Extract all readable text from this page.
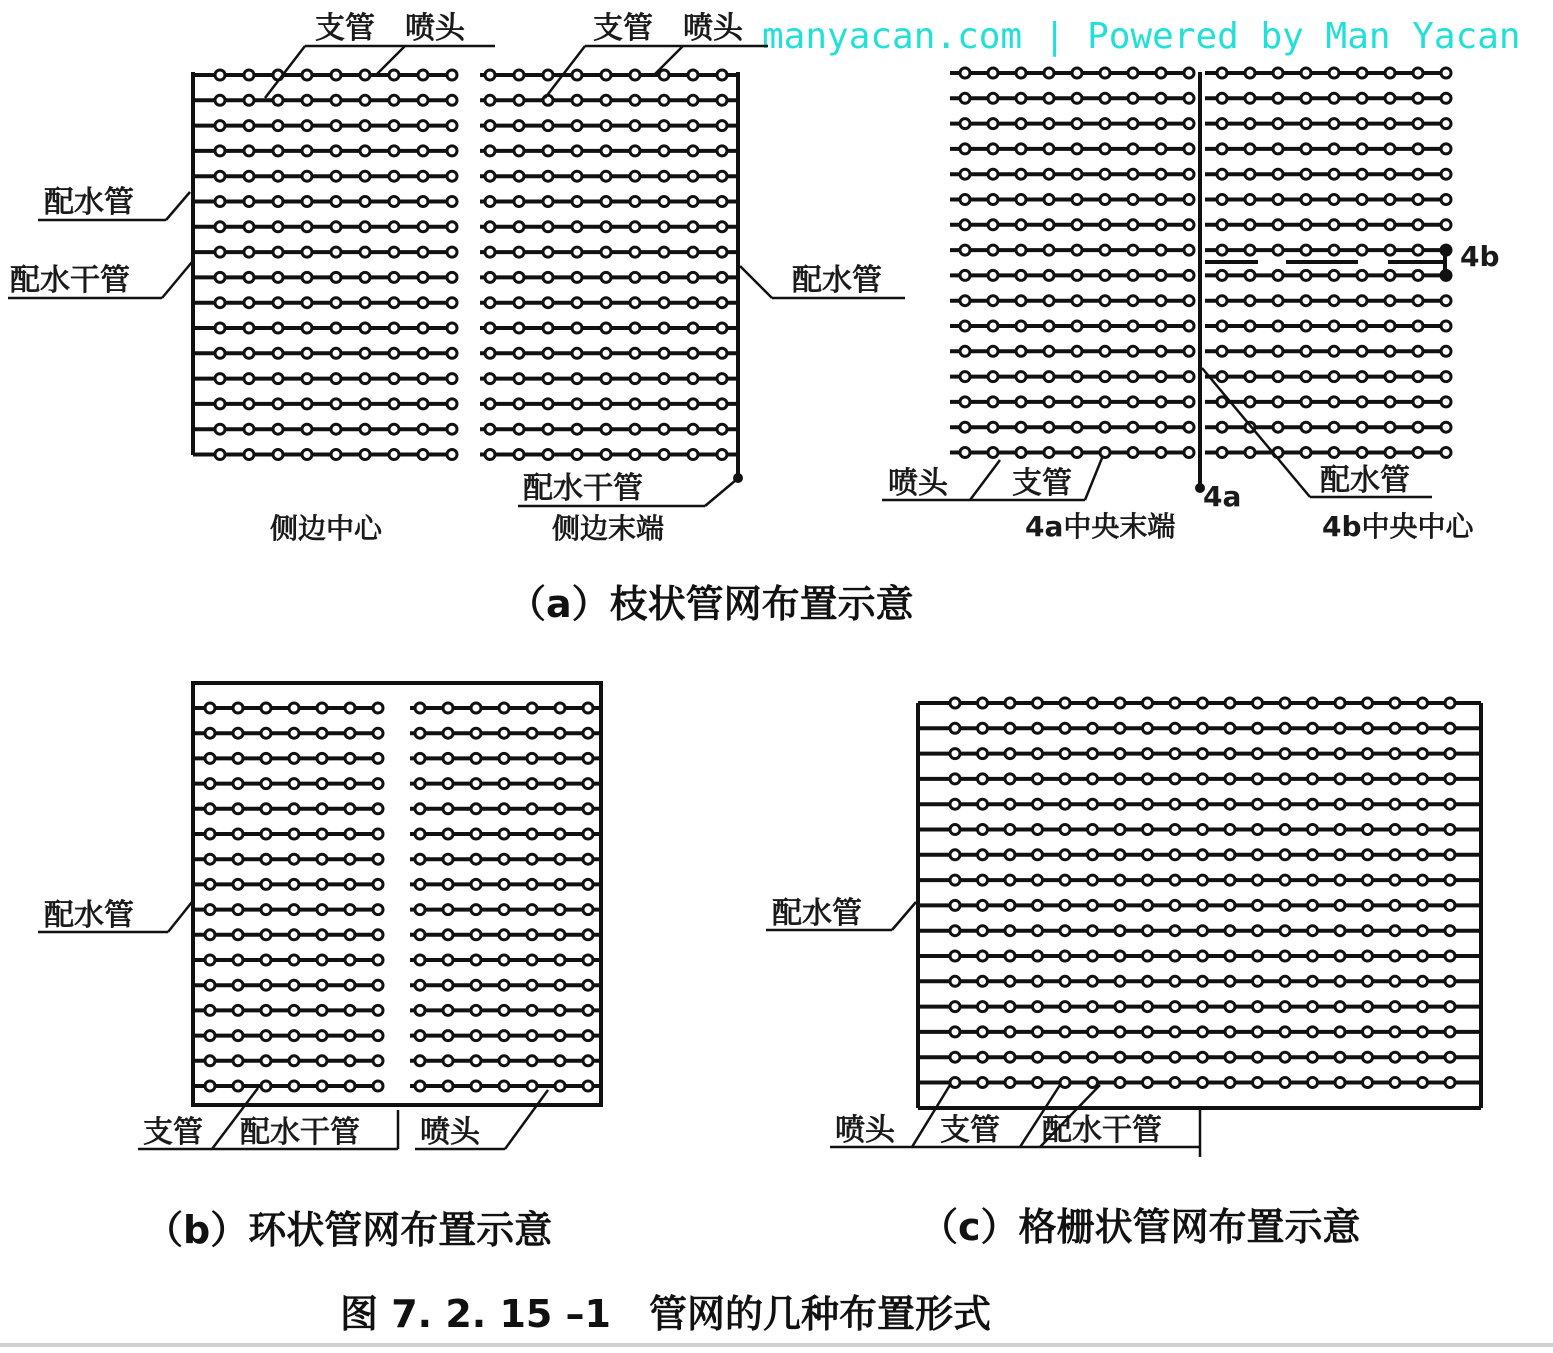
manyacan.com | Powered by Man Yacan
支管 喷头
配水管
配水干管
侧边中心
支管 喷头
配水管
配水干管
侧边末端
4b
4a
喷头 支管	配水管
4a中央末端	4b中央中心
（a）枝状管网布置示意
配水管
支管 配水干管 喷头
（b）环状管网布置示意
配水管
喷头 支管 配水干管
（c）格栅状管网布置示意
图 7. 2. 15 –1　管网的几种布置形式
